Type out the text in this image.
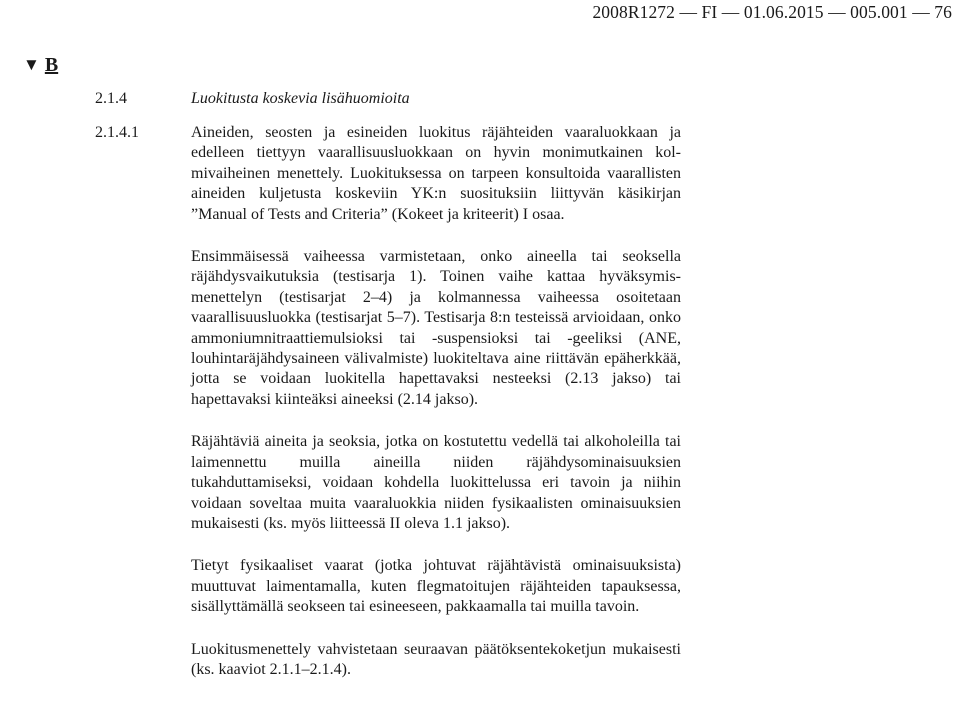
2008R1272 — FI — 01.06.2015 — 005.001 — 76
▼ B
2.1.4	Luokitusta koskevia lisähuomioita
2.1.4.1	Aineiden, seosten ja esineiden luokitus räjähteiden vaaraluokkaan ja edelleen tiettyyn vaarallisuusluokkaan on hyvin monimutkainen kolmivaiheinen menettely. Luokituksessa on tarpeen konsultoida vaarallisten aineiden kuljetusta koskeviin YK:n suosituksiin liittyvän käsikirjan ”Manual of Tests and Criteria” (Kokeet ja kriteerit) I osaa.

Ensimmäisessä vaiheessa varmistetaan, onko aineella tai seoksella räjähdysvaikutuksia (testisarja 1). Toinen vaihe kattaa hyväksymismenettelyn (testisarjat 2–4) ja kolmannessa vaiheessa osoitetaan vaarallisuusluokka (testisarjat 5–7). Testisarja 8:n testeissä arvioidaan, onko ammoniumnitraattiemulsioksi tai -suspensioksi tai -geeliksi (ANE, louhintaräjähdysaineen välivalmiste) luokiteltava aine riittävän epäherkkää, jotta se voidaan luokitella hapettavaksi nesteeksi (2.13 jakso) tai hapettavaksi kiinteäksi aineeksi (2.14 jakso).

Räjähtäviä aineita ja seoksia, jotka on kostutettu vedellä tai alkoholeilla tai laimennettu muilla aineilla niiden räjähdysominaisuuksien tukahduttamiseksi, voidaan kohdella luokittelussa eri tavoin ja niihin voidaan soveltaa muita vaaraluokkia niiden fysikaalisten ominaisuuksien mukaisesti (ks. myös liitteessä II oleva 1.1 jakso).

Tietyt fysikaaliset vaarat (jotka johtuvat räjähtävistä ominaisuuksista) muuttuvat laimentamalla, kuten flegmatoitujen räjähteiden tapauksessa, sisällyttämällä seokseen tai esineeseen, pakkaamalla tai muilla tavoin.

Luokitusmenettely vahvistetaan seuraavan päätöksentekoketjun mukaisesti (ks. kaaviot 2.1.1–2.1.4).
